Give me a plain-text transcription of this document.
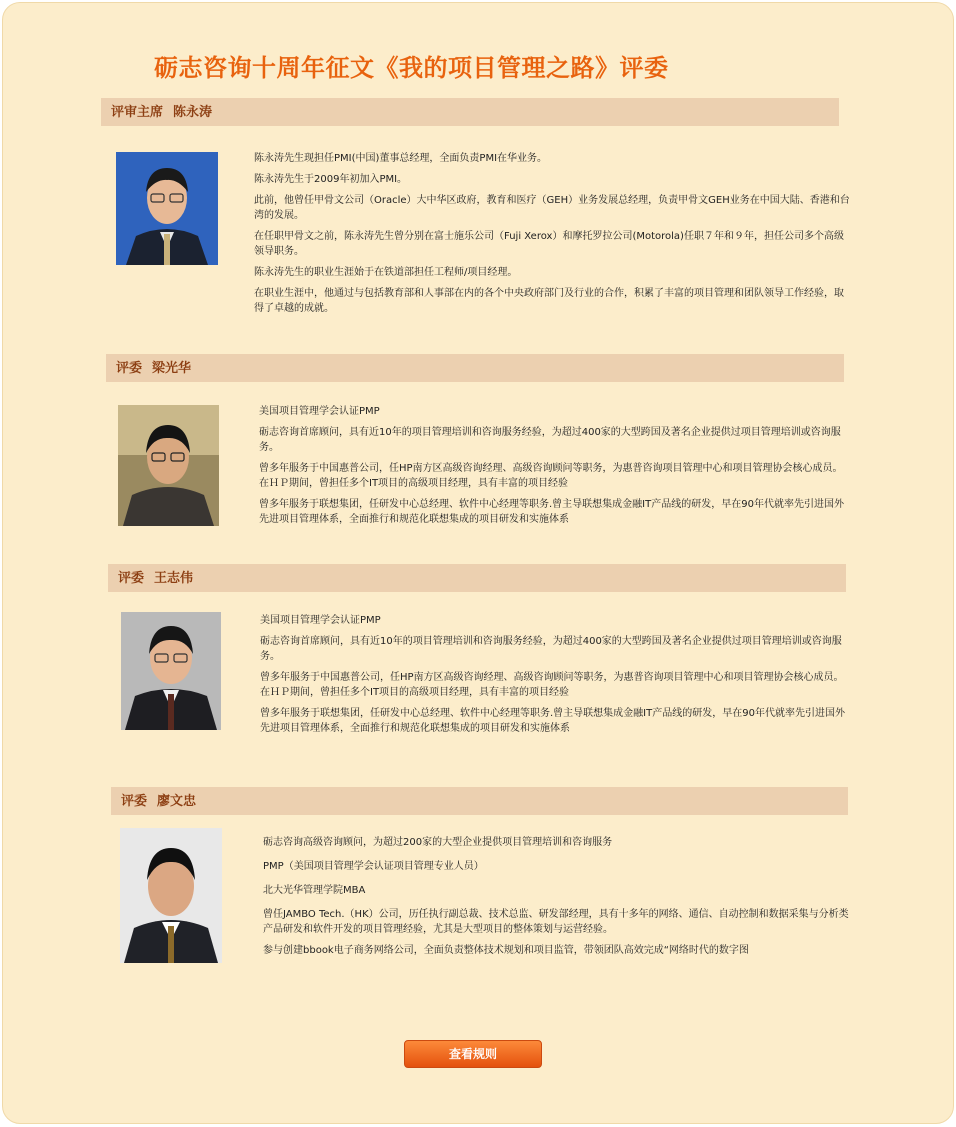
砺志咨询十周年征文《我的项目管理之路》评委
评审主席 陈永涛

陈永涛先生现担任PMI(中国)董事总经理，全面负责PMI在华业务。

陈永涛先生于2009年初加入PMI。

此前，他曾任甲骨文公司（Oracle）大中华区政府，教育和医疗（GEH）业务发展总经理，负责甲骨文GEH业务在中国大陆、香港和台湾的发展。

在任职甲骨文之前，陈永涛先生曾分别在富士施乐公司（Fuji Xerox）和摩托罗拉公司(Motorola)任职７年和９年，担任公司多个高级领导职务。

陈永涛先生的职业生涯始于在铁道部担任工程师/项目经理。

在职业生涯中，他通过与包括教育部和人事部在内的各个中央政府部门及行业的合作，积累了丰富的项目管理和团队领导工作经验，取得了卓越的成就。

评委 梁光华

美国项目管理学会认证PMP

砺志咨询首席顾问，具有近10年的项目管理培训和咨询服务经验，为超过400家的大型跨国及著名企业提供过项目管理培训或咨询服务。

曾多年服务于中国惠普公司，任HP南方区高级咨询经理、高级咨询顾问等职务，为惠普咨询项目管理中心和项目管理协会核心成员。在ＨＰ期间，曾担任多个IT项目的高级项目经理，具有丰富的项目经验

曾多年服务于联想集团，任研发中心总经理、软件中心经理等职务.曾主导联想集成金融IT产品线的研发，早在90年代就率先引进国外先进项目管理体系，全面推行和规范化联想集成的项目研发和实施体系

评委 王志伟

美国项目管理学会认证PMP

砺志咨询首席顾问，具有近10年的项目管理培训和咨询服务经验，为超过400家的大型跨国及著名企业提供过项目管理培训或咨询服务。

曾多年服务于中国惠普公司，任HP南方区高级咨询经理、高级咨询顾问等职务，为惠普咨询项目管理中心和项目管理协会核心成员。在ＨＰ期间，曾担任多个IT项目的高级项目经理，具有丰富的项目经验

曾多年服务于联想集团，任研发中心总经理、软件中心经理等职务.曾主导联想集成金融IT产品线的研发，早在90年代就率先引进国外先进项目管理体系，全面推行和规范化联想集成的项目研发和实施体系

评委 廖文忠

砺志咨询高级咨询顾问，为超过200家的大型企业提供项目管理培训和咨询服务

PMP（美国项目管理学会认证项目管理专业人员）

北大光华管理学院MBA

曾任JAMBO Tech.（HK）公司，历任执行副总裁、技术总监、研发部经理，具有十多年的网络、通信、自动控制和数据采集与分析类产品研发和软件开发的项目管理经验，尤其是大型项目的整体策划与运营经验。

参与创建bbook电子商务网络公司，全面负责整体技术规划和项目监管，带领团队高效完成“网络时代的数字图

查看规则
